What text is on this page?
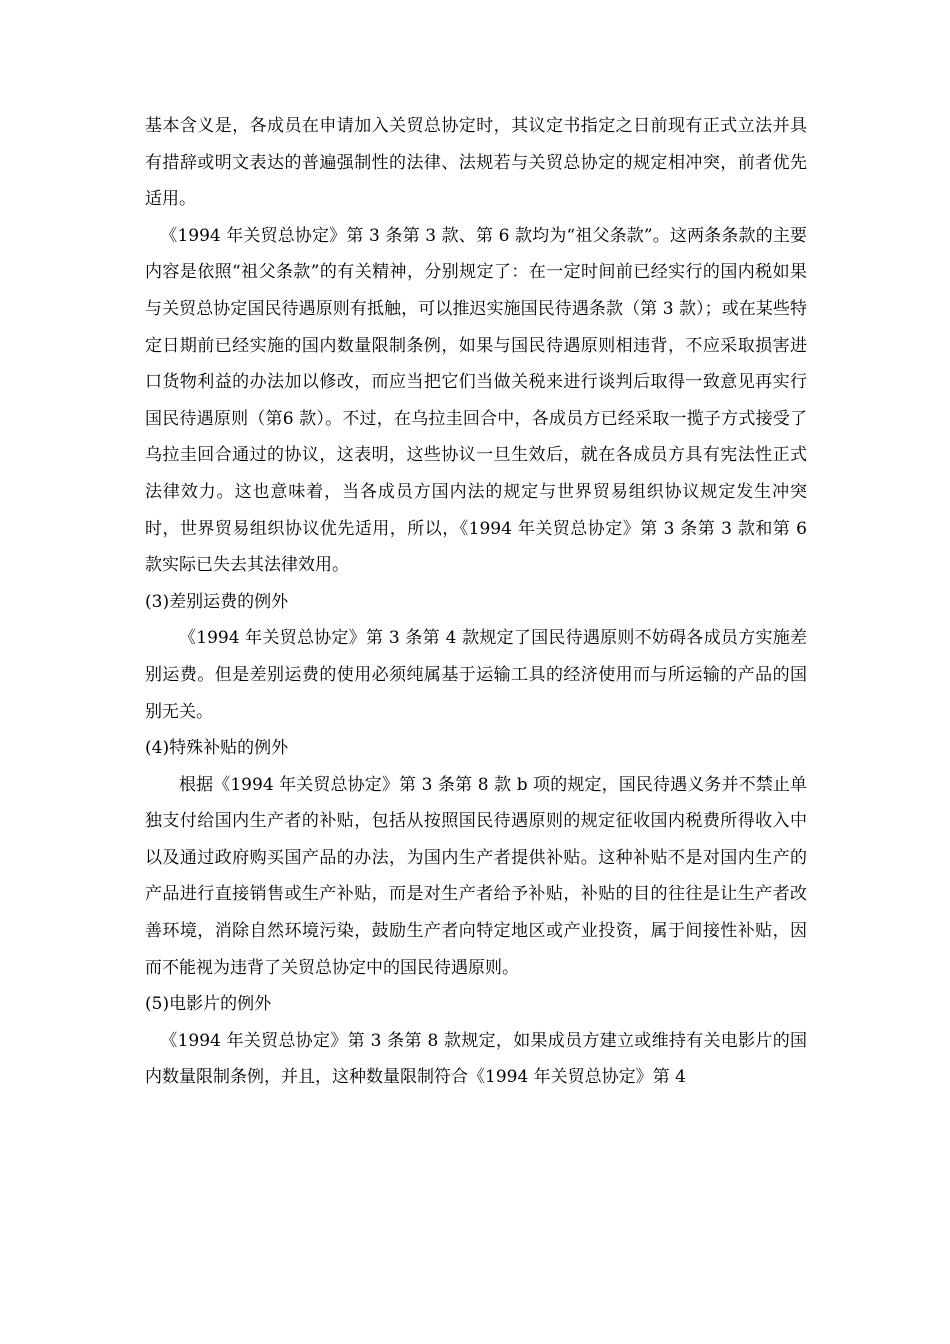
基本含义是，各成员在申请加入关贸总协定时，其议定书指定之日前现有正式立法并具有措辞或明文表达的普遍强制性的法律、法规若与关贸总协定的规定相冲突，前者优先适用。

《1994 年关贸总协定》第 3 条第 3 款、第 6 款均为“祖父条款”。这两条条款的主要内容是依照“祖父条款”的有关精神，分别规定了：在一定时间前已经实行的国内税如果与关贸总协定国民待遇原则有抵触，可以推迟实施国民待遇条款（第 3 款）；或在某些特定日期前已经实施的国内数量限制条例，如果与国民待遇原则相违背，不应采取损害进口货物利益的办法加以修改，而应当把它们当做关税来进行谈判后取得一致意见再实行国民待遇原则（第6 款）。不过，在乌拉圭回合中，各成员方已经采取一揽子方式接受了乌拉圭回合通过的协议，这表明，这些协议一旦生效后，就在各成员方具有宪法性正式法律效力。这也意味着，当各成员方国内法的规定与世界贸易组织协议规定发生冲突时，世界贸易组织协议优先适用，所以，《1994 年关贸总协定》第 3 条第 3 款和第 6 款实际已失去其法律效用。

(3)差别运费的例外

《1994 年关贸总协定》第 3 条第 4 款规定了国民待遇原则不妨碍各成员方实施差别运费。但是差别运费的使用必须纯属基于运输工具的经济使用而与所运输的产品的国别无关。

(4)特殊补贴的例外

根据《1994 年关贸总协定》第 3 条第 8 款 b 项的规定，国民待遇义务并不禁止单独支付给国内生产者的补贴，包括从按照国民待遇原则的规定征收国内税费所得收入中以及通过政府购买国产品的办法，为国内生产者提供补贴。这种补贴不是对国内生产的产品进行直接销售或生产补贴，而是对生产者给予补贴，补贴的目的往往是让生产者改善环境，消除自然环境污染，鼓励生产者向特定地区或产业投资，属于间接性补贴，因而不能视为违背了关贸总协定中的国民待遇原则。

(5)电影片的例外

《1994 年关贸总协定》第 3 条第 8 款规定，如果成员方建立或维持有关电影片的国内数量限制条例，并且，这种数量限制符合《1994 年关贸总协定》第 4
